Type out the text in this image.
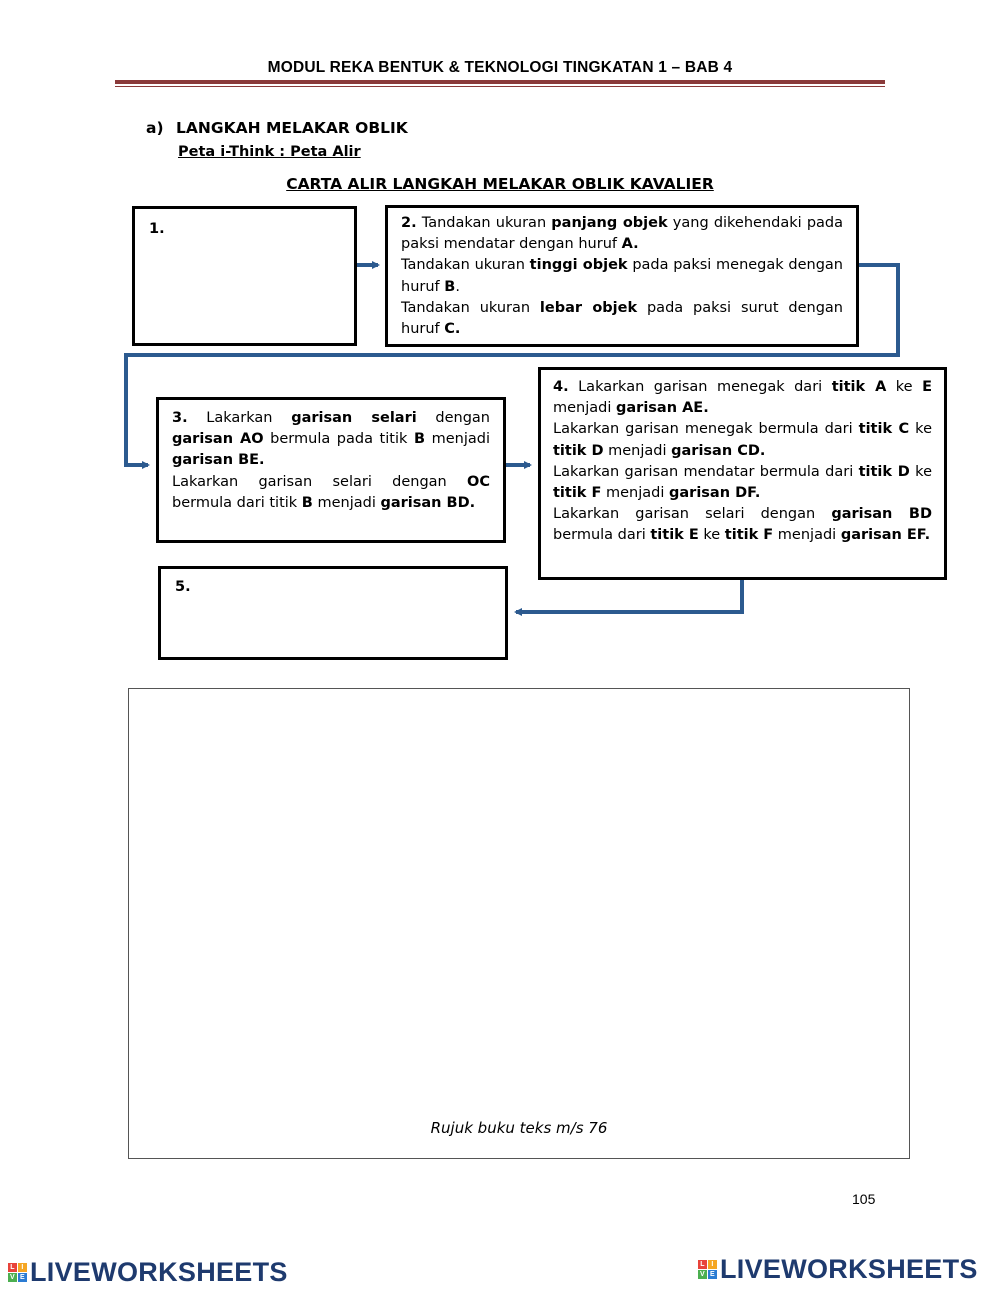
MODUL REKA BENTUK & TEKNOLOGI TINGKATAN 1 – BAB 4
a) LANGKAH MELAKAR OBLIK
Peta i-Think : Peta Alir
CARTA ALIR LANGKAH MELAKAR OBLIK KAVALIER
1.	2. Tandakan ukuran panjang objek yang dikehendaki pada paksi mendatar dengan huruf A.

Tandakan ukuran tinggi objek pada paksi menegak dengan huruf B.

Tandakan ukuran lebar objek pada paksi surut dengan huruf C.

3. Lakarkan garisan selari dengan garisan AO bermula pada titik B menjadi garisan BE.

Lakarkan garisan selari dengan OC bermula dari titik B menjadi garisan BD.

4. Lakarkan garisan menegak dari titik A ke E menjadi garisan AE.

Lakarkan garisan menegak bermula dari titik C ke titik D menjadi garisan CD.

Lakarkan garisan mendatar bermula dari titik D ke titik F menjadi garisan DF.

Lakarkan garisan selari dengan garisan BD bermula dari titik E ke titik F menjadi garisan EF.

5.
Rujuk buku teks m/s 76
105
L I
V E LIVEWORKSHEETS	L I
V E LIVEWORKSHEETS
